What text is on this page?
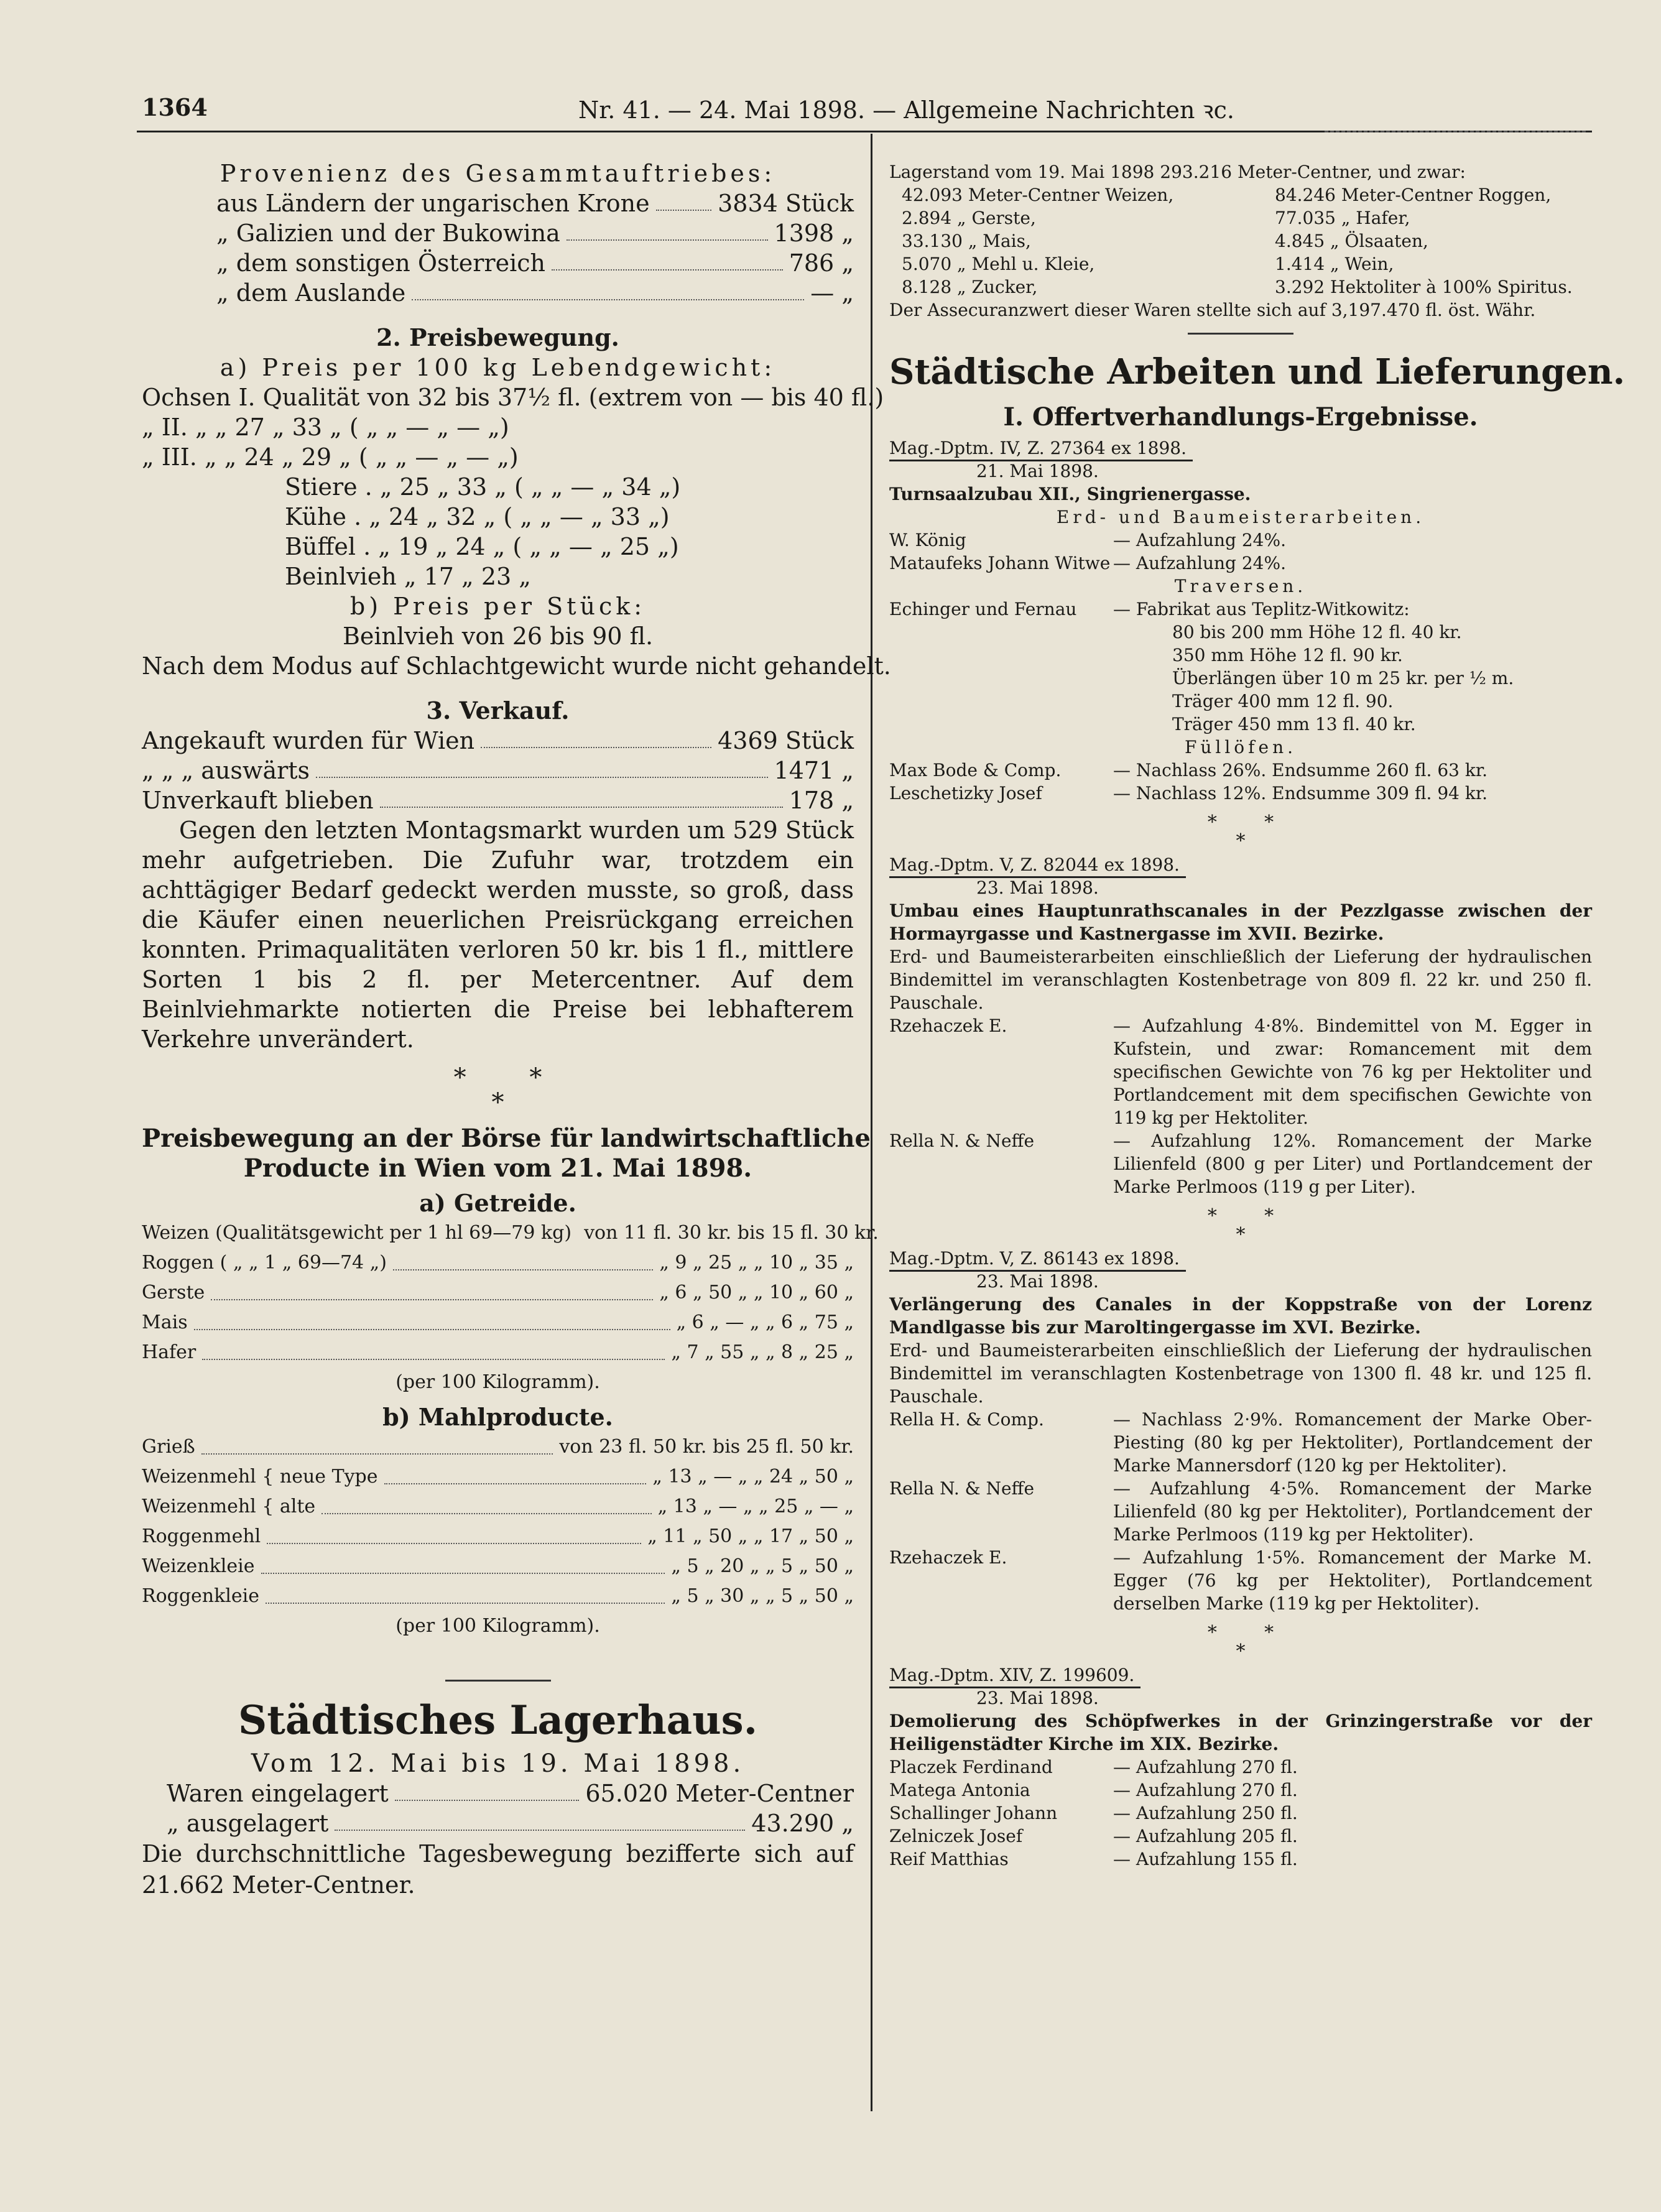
1364	Nr. 41. — 24. Mai 1898. — Allgemeine Nachrichten ꝛc.
Provenienz des Gesammtauftriebes:
aus Ländern der ungarischen Krone	3834 Stück
„ Galizien und der Bukowina	1398 „
„ dem sonstigen Österreich	786 „
„ dem Auslande	— „
2. Preisbewegung.
a) Preis per 100 kg Lebendgewicht:
Ochsen I. Qualität von 32 bis 37½ fl. (extrem von — bis 40 fl.)
„ II. „ „ 27 „ 33 „ ( „ „ — „ — „)
„ III. „ „ 24 „ 29 „ ( „ „ — „ — „)
Stiere . „ 25 „ 33 „ ( „ „ — „ 34 „)
Kühe . „ 24 „ 32 „ ( „ „ — „ 33 „)
Büffel . „ 19 „ 24 „ ( „ „ — „ 25 „)
Beinlvieh „ 17 „ 23 „
b) Preis per Stück:
Beinlvieh von 26 bis 90 fl.
Nach dem Modus auf Schlachtgewicht wurde nicht gehandelt.
3. Verkauf.
Angekauft wurden für Wien	4369 Stück
„ „ „ auswärts	1471 „
Unverkauft blieben	178 „
Gegen den letzten Montagsmarkt wurden um 529 Stück mehr aufgetrieben. Die Zufuhr war, trotzdem ein achttägiger Bedarf gedeckt werden musste, so groß, dass die Käufer einen neuerlichen Preisrückgang erreichen konnten. Primaqualitäten verloren 50 kr. bis 1 fl., mittlere Sorten 1 bis 2 fl. per Metercentner. Auf dem Beinlviehmarkte notierten die Preise bei lebhafterem Verkehre unverändert.
*        *
*
Preisbewegung an der Börse für landwirtschaftliche
Producte in Wien vom 21. Mai 1898.
a) Getreide.
Weizen (Qualitätsgewicht per 1 hl 69—79 kg) von 11 fl. 30 kr. bis 15 fl. 30 kr.
Roggen ( „ „ 1 „ 69—74 „)	„ 9 „ 25 „ „ 10 „ 35 „
Gerste	„ 6 „ 50 „ „ 10 „ 60 „
Mais	„ 6 „ — „ „ 6 „ 75 „
Hafer	„ 7 „ 55 „ „ 8 „ 25 „
(per 100 Kilogramm).
b) Mahlproducte.
Grieß	von 23 fl. 50 kr. bis 25 fl. 50 kr.
Weizenmehl { neue Type	„ 13 „ — „ „ 24 „ 50 „
Weizenmehl { alte	„ 13 „ — „ „ 25 „ — „
Roggenmehl	„ 11 „ 50 „ „ 17 „ 50 „
Weizenkleie	„ 5 „ 20 „ „ 5 „ 50 „
Roggenkleie	„ 5 „ 30 „ „ 5 „ 50 „
(per 100 Kilogramm).
Städtisches Lagerhaus.
Vom 12. Mai bis 19. Mai 1898.
Waren eingelagert	65.020 Meter-Centner
„ ausgelagert	43.290 „
Die durchschnittliche Tagesbewegung bezifferte sich auf 21.662 Meter-Centner.
Lagerstand vom 19. Mai 1898 293.216 Meter-Centner, und zwar:
42.093 Meter-Centner Weizen,	84.246 Meter-Centner Roggen,
2.894 „ Gerste,	77.035 „ Hafer,
33.130 „ Mais,	4.845 „ Ölsaaten,
5.070 „ Mehl u. Kleie,	1.414 „ Wein,
8.128 „ Zucker,	3.292 Hektoliter à 100% Spiritus.
Der Assecuranzwert dieser Waren stellte sich auf 3,197.470 fl. öst. Währ.
Städtische Arbeiten und Lieferungen.
I. Offertverhandlungs-Ergebnisse.
Mag.-Dptm. IV, Z. 27364 ex 1898.
21. Mai 1898.
Turnsaalzubau XII., Singrienergasse.
Erd- und Baumeisterarbeiten.
W. König	— Aufzahlung 24%.
Mataufeks Johann Witwe — Aufzahlung 24%.
Traversen.
Echinger und Fernau	— Fabrikat aus Teplitz-Witkowitz:
80 bis 200 mm Höhe 12 fl. 40 kr.
350 mm Höhe 12 fl. 90 kr.
Überlängen über 10 m 25 kr. per ½ m.
Träger 400 mm 12 fl. 90.
Träger 450 mm 13 fl. 40 kr.
Füllöfen.
Max Bode & Comp.	— Nachlass 26%. Endsumme 260 fl. 63 kr.
Leschetizky Josef	— Nachlass 12%. Endsumme 309 fl. 94 kr.
*        *
*
Mag.-Dptm. V, Z. 82044 ex 1898.
23. Mai 1898.
Umbau eines Hauptunrathscanales in der Pezzlgasse zwischen der Hormayrgasse und Kastnergasse im XVII. Bezirke.
Erd- und Baumeisterarbeiten einschließlich der Lieferung der hydraulischen Bindemittel im veranschlagten Kostenbetrage von 809 fl. 22 kr. und 250 fl. Pauschale.
Rzehaczek E.	— Aufzahlung 4·8%. Bindemittel von M. Egger in Kufstein, und zwar: Romancement mit dem specifischen Gewichte von 76 kg per Hektoliter und Portlandcement mit dem specifischen Gewichte von 119 kg per Hektoliter.
Rella N. & Neffe	— Aufzahlung 12%. Romancement der Marke Lilienfeld (800 g per Liter) und Portlandcement der Marke Perlmoos (119 g per Liter).
*        *
*
Mag.-Dptm. V, Z. 86143 ex 1898.
23. Mai 1898.
Verlängerung des Canales in der Koppstraße von der Lorenz Mandlgasse bis zur Maroltingergasse im XVI. Bezirke.
Erd- und Baumeisterarbeiten einschließlich der Lieferung der hydraulischen Bindemittel im veranschlagten Kostenbetrage von 1300 fl. 48 kr. und 125 fl. Pauschale.
Rella H. & Comp.	— Nachlass 2·9%. Romancement der Marke Ober-Piesting (80 kg per Hektoliter), Portlandcement der Marke Mannersdorf (120 kg per Hektoliter).
Rella N. & Neffe	— Aufzahlung 4·5%. Romancement der Marke Lilienfeld (80 kg per Hektoliter), Portlandcement der Marke Perlmoos (119 kg per Hektoliter).
Rzehaczek E.	— Aufzahlung 1·5%. Romancement der Marke M. Egger (76 kg per Hektoliter), Portlandcement derselben Marke (119 kg per Hektoliter).
*        *
*
Mag.-Dptm. XIV, Z. 199609.
23. Mai 1898.
Demolierung des Schöpfwerkes in der Grinzingerstraße vor der Heiligenstädter Kirche im XIX. Bezirke.
Placzek Ferdinand	— Aufzahlung 270 fl.
Matega Antonia	— Aufzahlung 270 fl.
Schallinger Johann	— Aufzahlung 250 fl.
Zelniczek Josef	— Aufzahlung 205 fl.
Reif Matthias	— Aufzahlung 155 fl.
